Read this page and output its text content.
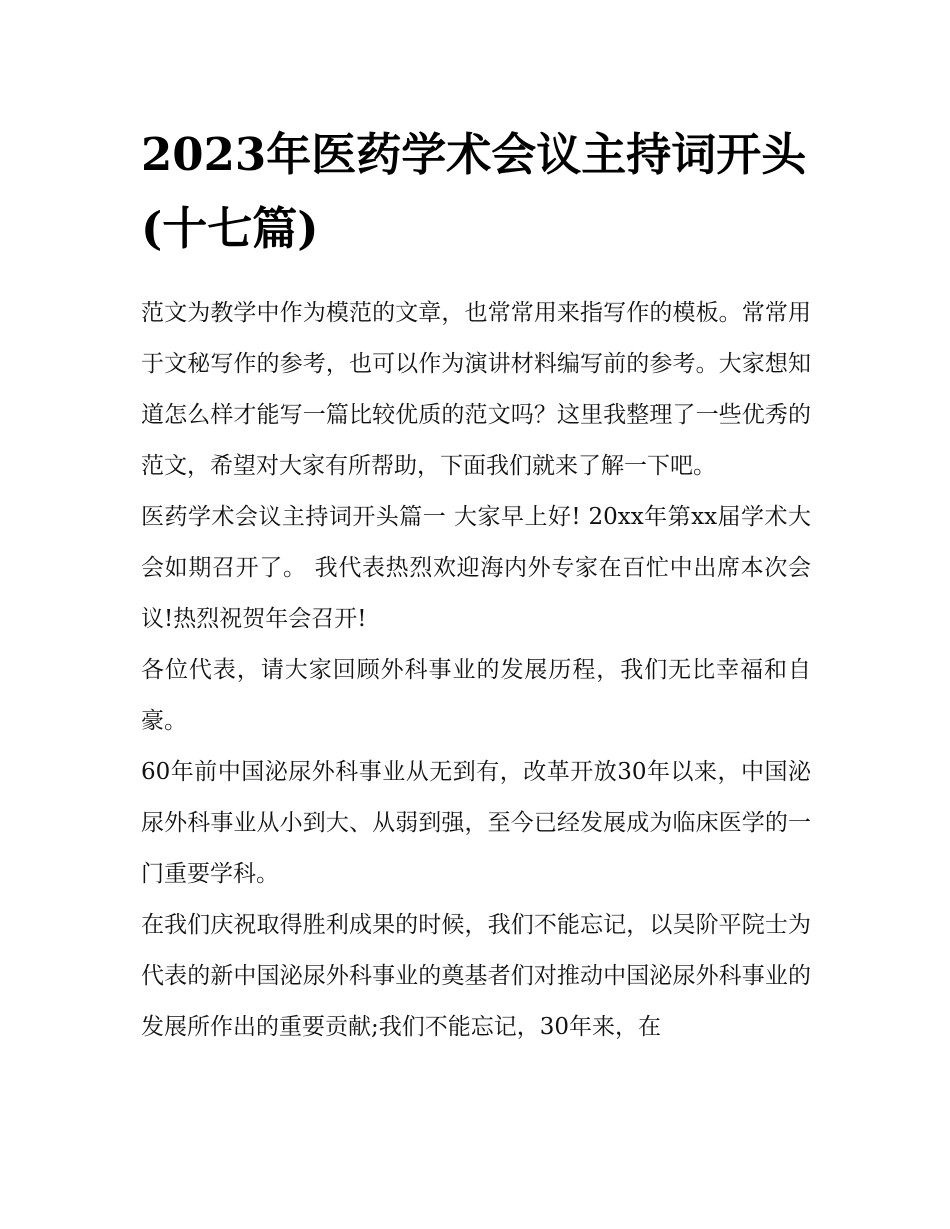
2023年医药学术会议主持词开头(十七篇)

范文为教学中作为模范的文章，也常常用来指写作的模板。常常用于文秘写作的参考，也可以作为演讲材料编写前的参考。大家想知道怎么样才能写一篇比较优质的范文吗？这里我整理了一些优秀的范文，希望对大家有所帮助，下面我们就来了解一下吧。

医药学术会议主持词开头篇一 大家早上好! 20xx年第xx届学术大会如期召开了。 我代表热烈欢迎海内外专家在百忙中出席本次会议!热烈祝贺年会召开!

各位代表，请大家回顾外科事业的发展历程，我们无比幸福和自豪。

60年前中国泌尿外科事业从无到有，改革开放30年以来，中国泌尿外科事业从小到大、从弱到强，至今已经发展成为临床医学的一门重要学科。

在我们庆祝取得胜利成果的时候，我们不能忘记，以吴阶平院士为代表的新中国泌尿外科事业的奠基者们对推动中国泌尿外科事业的发展所作出的重要贡献;我们不能忘记，30年来，在
